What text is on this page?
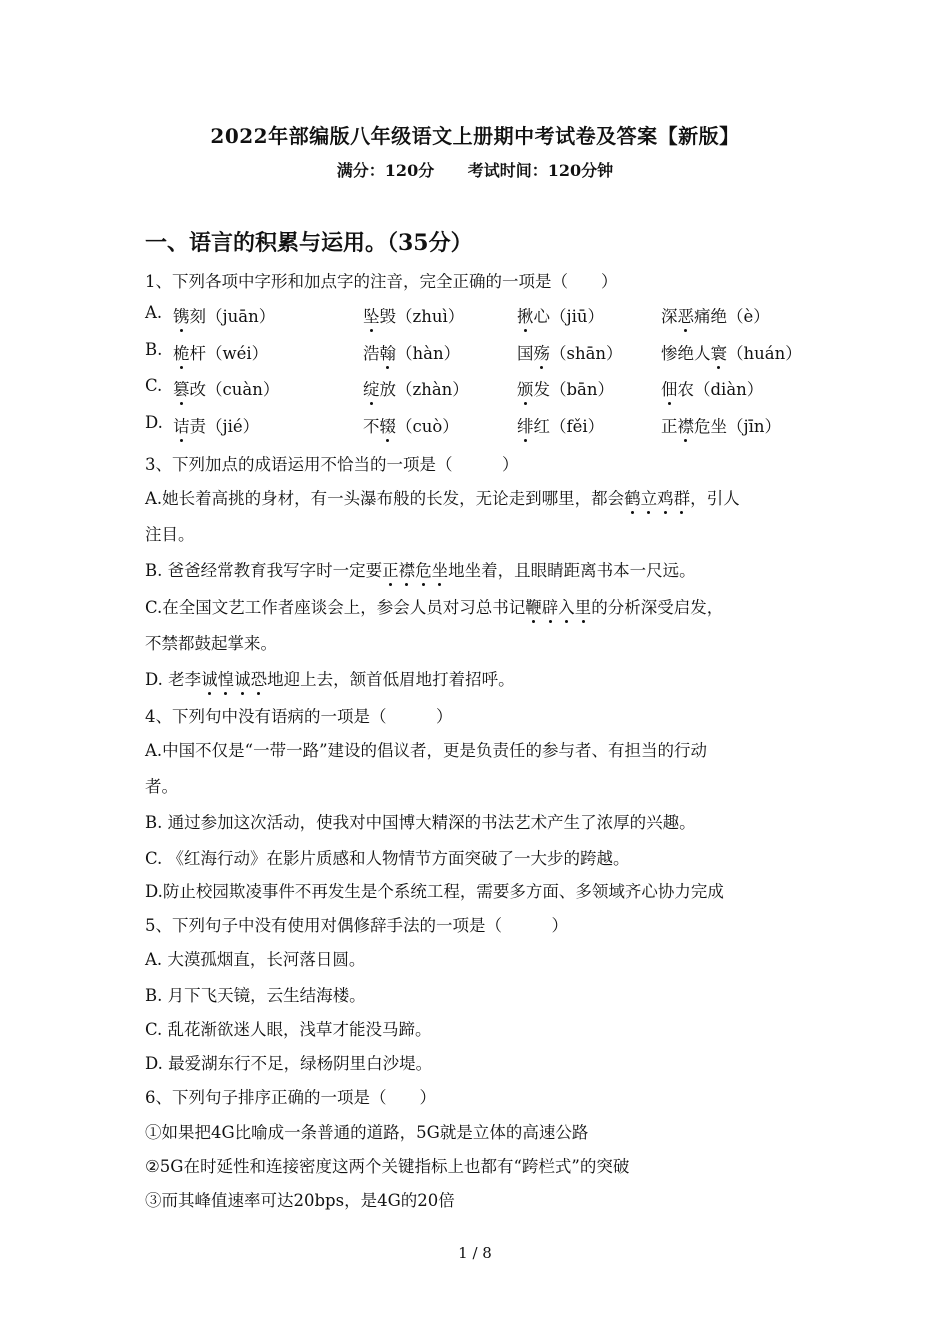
2022年部编版八年级语文上册期中考试卷及答案【新版】
满分：120分 考试时间：120分钟
一、语言的积累与运用。（35分）
1、下列各项中字形和加点字的注音，完全正确的一项是（　　）
A. 镌刻（juān）	坠毁（zhuì）	揪心（jiū）	深恶痛绝（è）
B. 桅杆（wéi）	浩翰（hàn）	国殇（shān） 惨绝人寰（huán）
C. 篡改（cuàn）	绽放（zhàn）	颁发（bān）	佃农（diàn）
D. 诘责（jié）	不辍（cuò）	绯红（fěi）	正襟危坐（jīn）
3、下列加点的成语运用不恰当的一项是（　　　）
A.她长着高挑的身材，有一头瀑布般的长发，无论走到哪里，都会鹤立鸡群，引人
注目。
B. 爸爸经常教育我写字时一定要正襟危坐地坐着，且眼睛距离书本一尺远。
C.在全国文艺工作者座谈会上，参会人员对习总书记鞭辟入里的分析深受启发，
不禁都鼓起掌来。
D. 老李诚惶诚恐地迎上去，颔首低眉地打着招呼。
4、下列句中没有语病的一项是（　　　）
A.中国不仅是“一带一路”建设的倡议者，更是负责任的参与者、有担当的行动
者。
B. 通过参加这次活动，使我对中国博大精深的书法艺术产生了浓厚的兴趣。
C. 《红海行动》在影片质感和人物情节方面突破了一大步的跨越。
D.防止校园欺凌事件不再发生是个系统工程，需要多方面、多领域齐心协力完成
5、下列句子中没有使用对偶修辞手法的一项是（　　　）
A. 大漠孤烟直，长河落日圆。
B. 月下飞天镜，云生结海楼。
C. 乱花渐欲迷人眼，浅草才能没马蹄。
D. 最爱湖东行不足，绿杨阴里白沙堤。
6、下列句子排序正确的一项是（　　）
①如果把4G比喻成一条普通的道路，5G就是立体的高速公路
②5G在时延性和连接密度这两个关键指标上也都有“跨栏式”的突破
③而其峰值速率可达20bps，是4G的20倍
1 / 8
